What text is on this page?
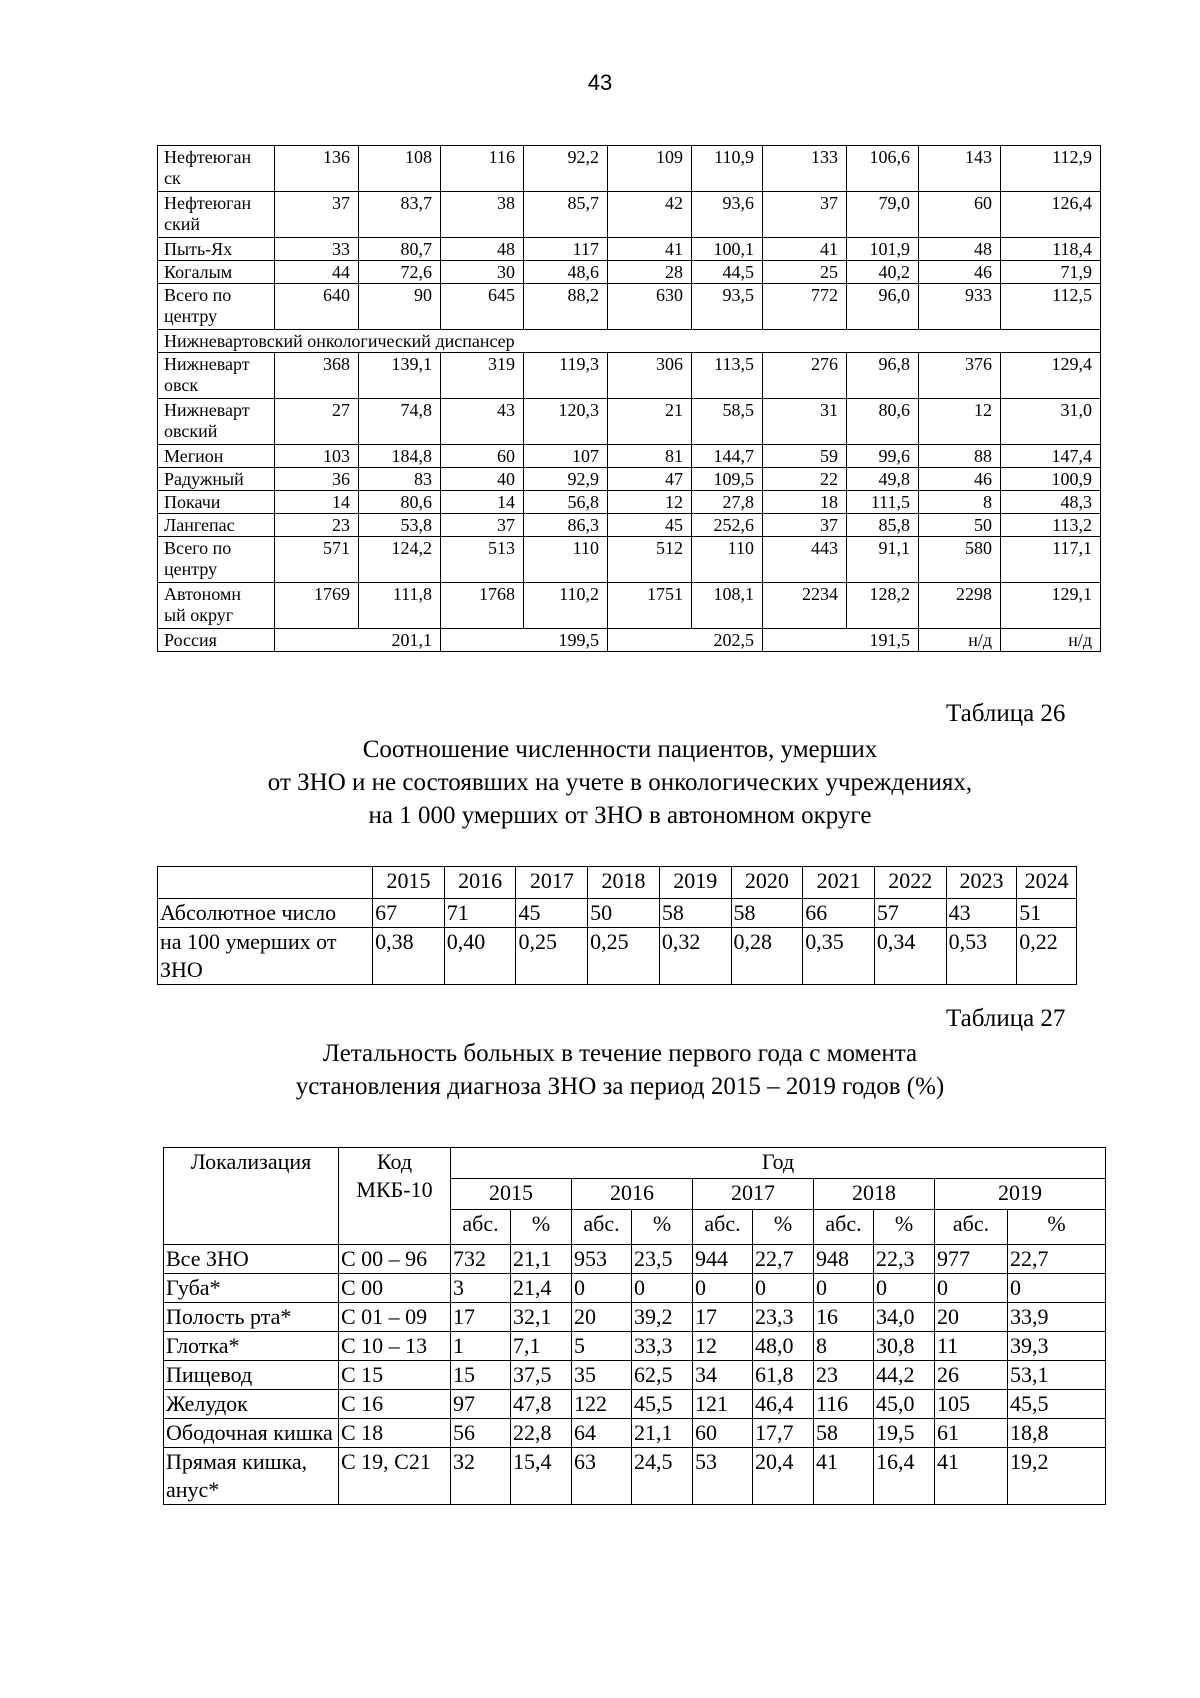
43
Нефтеюган
ск	136	108	116	92,2	109	110,9	133	106,6	143	112,9
Нефтеюган
ский	37	83,7	38	85,7	42	93,6	37	79,0	60	126,4
Пыть-Ях	33	80,7	48	117	41	100,1	41	101,9	48	118,4
Когалым	44	72,6	30	48,6	28	44,5	25	40,2	46	71,9
Всего по
центру	640	90	645	88,2	630	93,5	772	96,0	933	112,5
Нижневартовский онкологический диспансер										
Нижневарт
овск	368	139,1	319	119,3	306	113,5	276	96,8	376	129,4
Нижневарт
овский	27	74,8	43	120,3	21	58,5	31	80,6	12	31,0
Мегион	103	184,8	60	107	81	144,7	59	99,6	88	147,4
Радужный	36	83	40	92,9	47	109,5	22	49,8	46	100,9
Покачи	14	80,6	14	56,8	12	27,8	18	111,5	8	48,3
Лангепас	23	53,8	37	86,3	45	252,6	37	85,8	50	113,2
Всего по
центру	571	124,2	513	110	512	110	443	91,1	580	117,1
Автономн
ый округ	1769	111,8	1768	110,2	1751	108,1	2234	128,2	2298	129,1
Россия	201,1		199,5		202,5		191,5		н/д	н/д
Таблица 26
Соотношение численности пациентов, умерших
от ЗНО и не состоявших на учете в онкологических учреждениях,
на 1 000 умерших от ЗНО в автономном округе
	2015	2016	2017	2018	2019	2020	2021	2022	2023	2024
Абсолютное число	67	71	45	50	58	58	66	57	43	51
на 100 умерших от ЗНО	0,38	0,40	0,25	0,25	0,32	0,28	0,35	0,34	0,53	0,22
Таблица 27
Летальность больных в течение первого года с момента
установления диагноза ЗНО за период 2015 – 2019 годов (%)
Локализация	Код МКБ-10	Год									
		2015		2016		2017		2018		2019	
		абс.	%	абс.	%	абс.	%	абс.	%	абс.	%
Все ЗНО	С 00 – 96	732	21,1	953	23,5	944	22,7	948	22,3	977	22,7
Губа*	С 00	3	21,4	0	0	0	0	0	0	0	0
Полость рта*	С 01 – 09	17	32,1	20	39,2	17	23,3	16	34,0	20	33,9
Глотка*	С 10 – 13	1	7,1	5	33,3	12	48,0	8	30,8	11	39,3
Пищевод	С 15	15	37,5	35	62,5	34	61,8	23	44,2	26	53,1
Желудок	С 16	97	47,8	122	45,5	121	46,4	116	45,0	105	45,5
Ободочная кишка	С 18	56	22,8	64	21,1	60	17,7	58	19,5	61	18,8
Прямая кишка, анус*	С 19, С21	32	15,4	63	24,5	53	20,4	41	16,4	41	19,2
